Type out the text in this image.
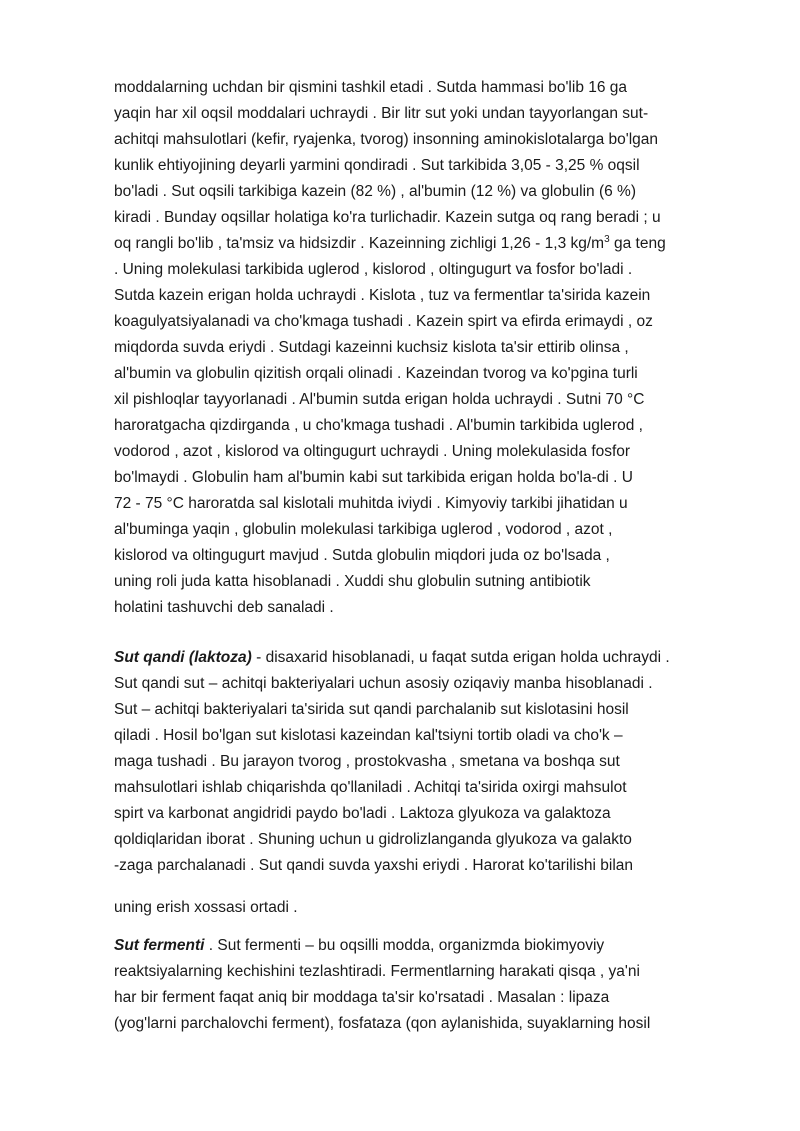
moddalarning uchdan bir qismini tashkil etadi . Sutda hammasi bo'lib 16 ga
yaqin har xil oqsil moddalari uchraydi . Bir litr sut yoki undan tayyorlangan sut-
achitqi mahsulotlari (kefir, ryajenka, tvorog) insonning aminokislotalarga bo'lgan
kunlik ehtiyojining deyarli yarmini qondiradi . Sut tarkibida 3,05 - 3,25 % oqsil
bo'ladi . Sut oqsili tarkibiga kazein (82 %) , al'bumin (12 %) va globulin (6 %)
kiradi . Bunday oqsillar holatiga ko'ra turlichadir. Kazein sutga oq rang beradi ; u
oq rangli bo'lib , ta'msiz va hidsizdir . Kazeinning zichligi 1,26 - 1,3 $kg/m^3$ ga teng
. Uning molekulasi tarkibida uglerod , kislorod , oltingugurt va fosfor bo'ladi .
Sutda kazein erigan holda uchraydi . Kislota , tuz va fermentlar ta'sirida kazein
koagulyatsiyalanadi va cho'kmaga tushadi . Kazein spirt va efirda erimaydi , oz
miqdorda suvda eriydi . Sutdagi kazeinni kuchsiz kislota ta'sir ettirib olinsa ,
al'bumin va globulin qizitish orqali olinadi . Kazeindan tvorog va ko'pgina turli
xil pishloqlar tayyorlanadi . Al'bumin sutda erigan holda uchraydi . Sutni 70 °C
haroratgacha qizdirganda , u cho'kmaga tushadi . Al'bumin tarkibida uglerod ,
vodorod , azot , kislorod va oltingugurt uchraydi . Uning molekulasida fosfor
bo'lmaydi . Globulin ham al'bumin kabi sut tarkibida erigan holda bo'la-di . U
72 - 75 °C haroratda sal kislotali muhitda iviydi . Kimyoviy tarkibi jihatidan u
al'buminga yaqin , globulin molekulasi tarkibiga uglerod , vodorod , azot ,
kislorod va oltingugurt mavjud . Sutda globulin miqdori juda oz bo'lsada ,
uning roli juda katta hisoblanadi . Xuddi shu globulin sutning antibiotik
holatini tashuvchi deb sanaladi .
Sut qandi (laktoza) - disaxarid hisoblanadi, u faqat sutda erigan holda uchraydi .
Sut qandi sut – achitqi bakteriyalari uchun asosiy oziqaviy manba hisoblanadi .
Sut – achitqi bakteriyalari ta'sirida sut qandi parchalanib sut kislotasini hosil
qiladi . Hosil bo'lgan sut kislotasi kazeindan kal'tsiyni tortib oladi va cho'k –
maga tushadi . Bu jarayon tvorog , prostokvasha , smetana va boshqa sut
mahsulotlari ishlab chiqarishda qo'llaniladi . Achitqi ta'sirida oxirgi mahsulot
spirt va karbonat angidridi paydo bo'ladi . Laktoza glyukoza va galaktoza
qoldiqlaridan iborat . Shuning uchun u gidrolizlanganda glyukoza va galakto
-zaga parchalanadi . Sut qandi suvda yaxshi eriydi . Harorat ko'tarilishi bilan
uning erish xossasi ortadi .
Sut fermenti . Sut fermenti – bu oqsilli modda, organizmda biokimyoviy
reaktsiyalarning kechishini tezlashtiradi. Fermentlarning harakati qisqa , ya'ni
har bir ferment faqat aniq bir moddaga ta'sir ko'rsatadi . Masalan : lipaza
(yog'larni parchalovchi ferment), fosfataza (qon aylanishida, suyaklarning hosil
